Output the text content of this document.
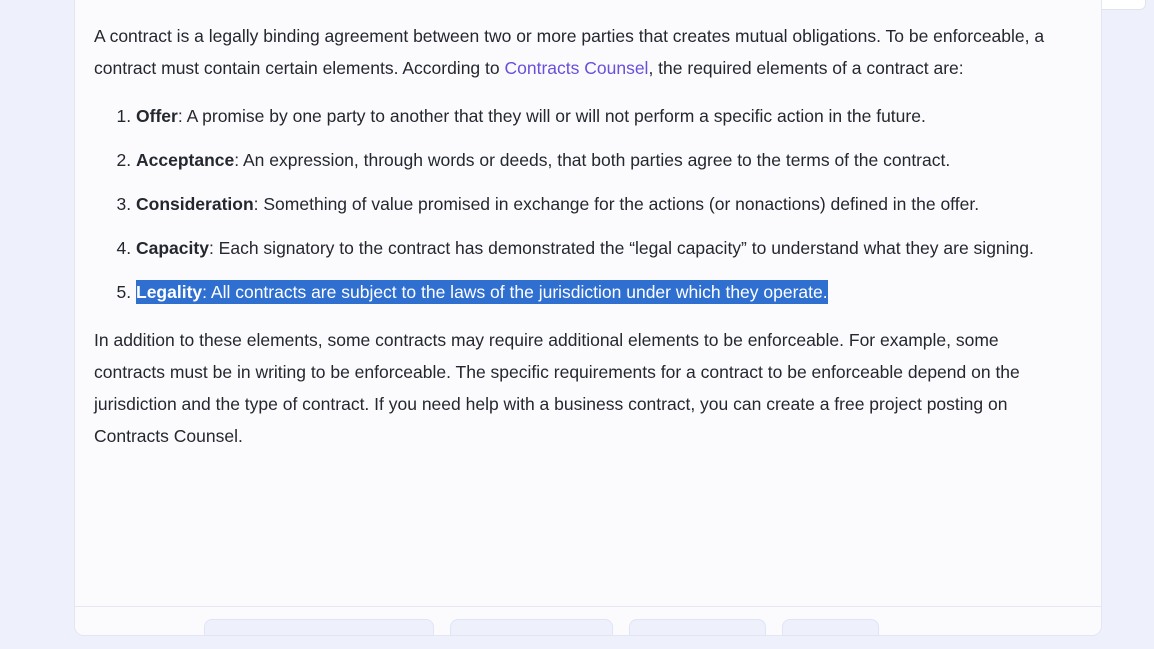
A contract is a legally binding agreement between two or more parties that creates mutual obligations. To be enforceable, a contract must contain certain elements. According to Contracts Counsel, the required elements of a contract are:

1. Offer: A promise by one party to another that they will or will not perform a specific action in the future.
2. Acceptance: An expression, through words or deeds, that both parties agree to the terms of the contract.
3. Consideration: Something of value promised in exchange for the actions (or nonactions) defined in the offer.
4. Capacity: Each signatory to the contract has demonstrated the “legal capacity” to understand what they are signing.
5. Legality: All contracts are subject to the laws of the jurisdiction under which they operate.

In addition to these elements, some contracts may require additional elements to be enforceable. For example, some contracts must be in writing to be enforceable. The specific requirements for a contract to be enforceable depend on the jurisdiction and the type of contract. If you need help with a business contract, you can create a free project posting on Contracts Counsel.
